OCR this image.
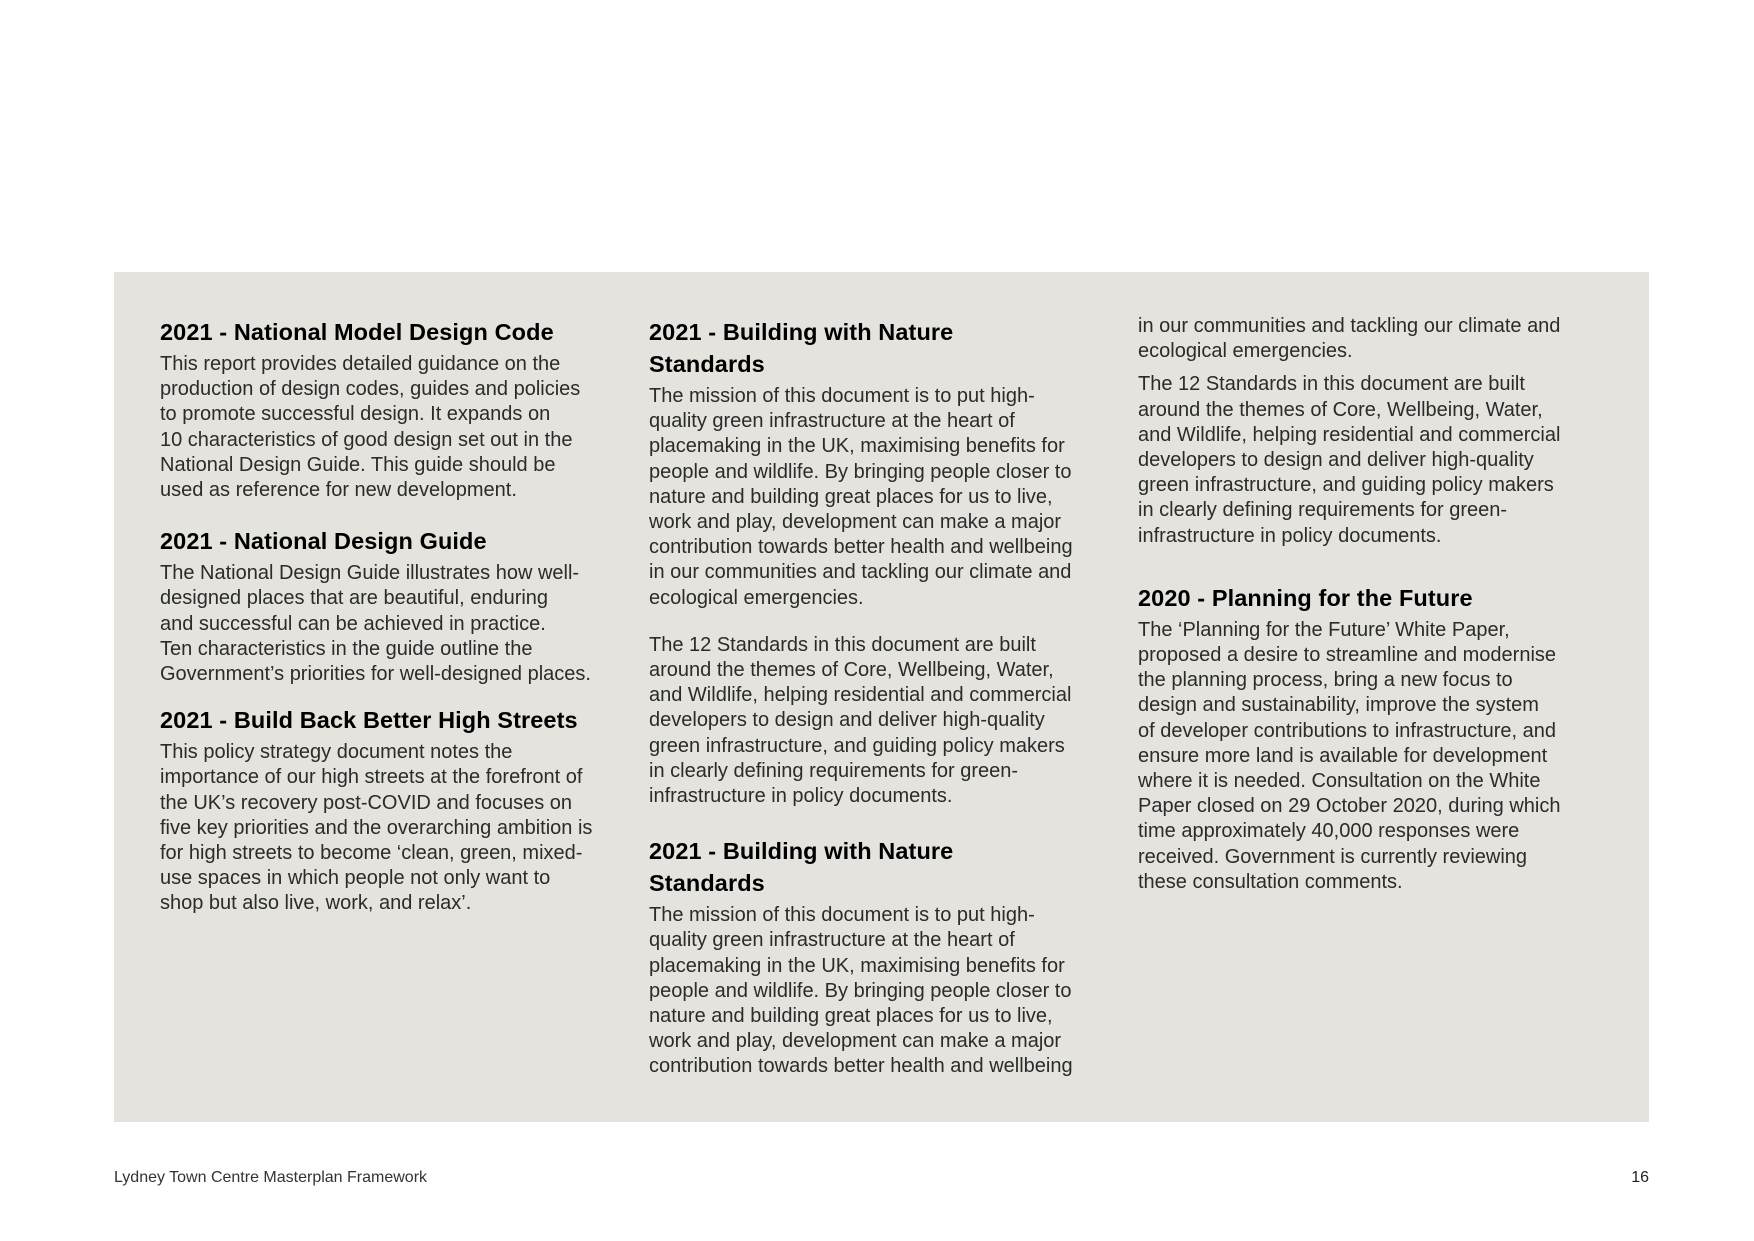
2021 - National Model Design Code

This report provides detailed guidance on the
production of design codes, guides and policies
to promote successful design. It expands on
10 characteristics of good design set out in the
National Design Guide. This guide should be
used as reference for new development.

2021 - National Design Guide

The National Design Guide illustrates how well-
designed places that are beautiful, enduring
and successful can be achieved in practice.
Ten characteristics in the guide outline the
Government’s priorities for well-designed places.

2021 - Build Back Better High Streets

This policy strategy document notes the
importance of our high streets at the forefront of
the UK’s recovery post-COVID and focuses on
five key priorities and the overarching ambition is
for high streets to become ‘clean, green, mixed-
use spaces in which people not only want to
shop but also live, work, and relax’.

2021 - Building with Nature
Standards

The mission of this document is to put high-
quality green infrastructure at the heart of
placemaking in the UK, maximising benefits for
people and wildlife. By bringing people closer to
nature and building great places for us to live,
work and play, development can make a major
contribution towards better health and wellbeing
in our communities and tackling our climate and
ecological emergencies.

The 12 Standards in this document are built
around the themes of Core, Wellbeing, Water,
and Wildlife, helping residential and commercial
developers to design and deliver high-quality
green infrastructure, and guiding policy makers
in clearly defining requirements for green-
infrastructure in policy documents.

2021 - Building with Nature
Standards

The mission of this document is to put high-
quality green infrastructure at the heart of
placemaking in the UK, maximising benefits for
people and wildlife. By bringing people closer to
nature and building great places for us to live,
work and play, development can make a major
contribution towards better health and wellbeing

in our communities and tackling our climate and
ecological emergencies.

The 12 Standards in this document are built
around the themes of Core, Wellbeing, Water,
and Wildlife, helping residential and commercial
developers to design and deliver high-quality
green infrastructure, and guiding policy makers
in clearly defining requirements for green-
infrastructure in policy documents.

2020 - Planning for the Future

The ‘Planning for the Future’ White Paper,
proposed a desire to streamline and modernise
the planning process, bring a new focus to
design and sustainability, improve the system
of developer contributions to infrastructure, and
ensure more land is available for development
where it is needed. Consultation on the White
Paper closed on 29 October 2020, during which
time approximately 40,000 responses were
received. Government is currently reviewing
these consultation comments.

Lydney Town Centre Masterplan Framework	16
